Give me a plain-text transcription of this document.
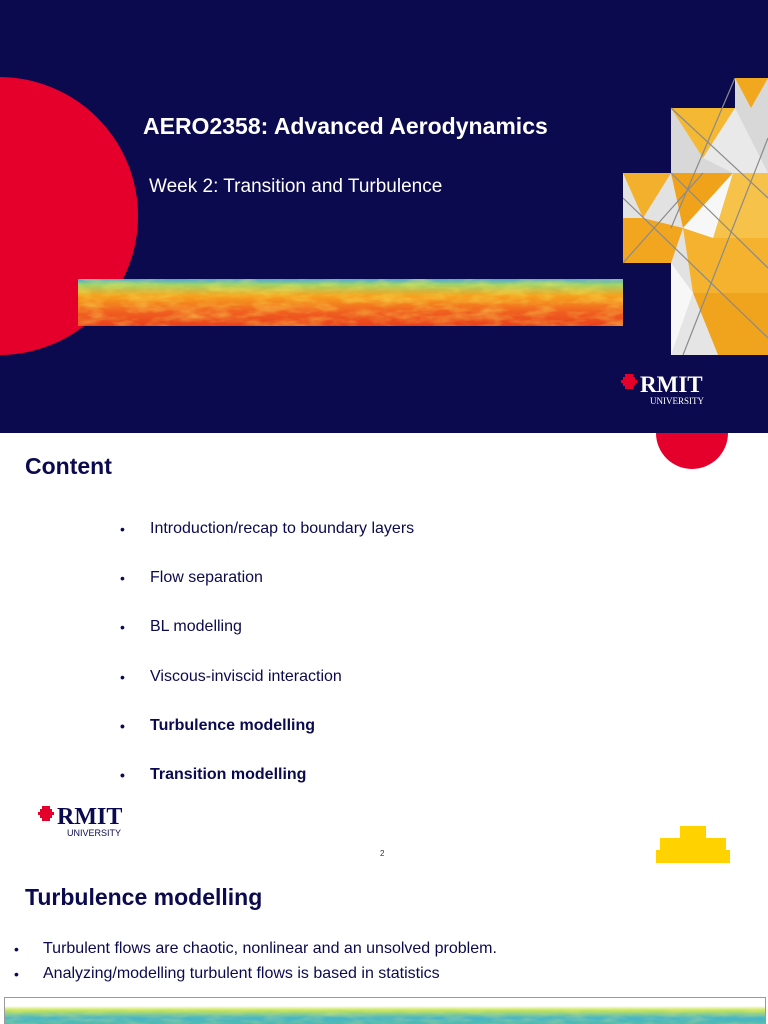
AERO2358: Advanced Aerodynamics
Week 2: Transition and Turbulence
RMIT
UNIVERSITY
Content
• Introduction/recap to boundary layers
• Flow separation
• BL modelling
• Viscous-inviscid interaction
• Turbulence modelling
• Transition modelling
RMIT
UNIVERSITY
2
Turbulence modelling
• Turbulent flows are chaotic, nonlinear and an unsolved problem.
• Analyzing/modelling turbulent flows is based in statistics
